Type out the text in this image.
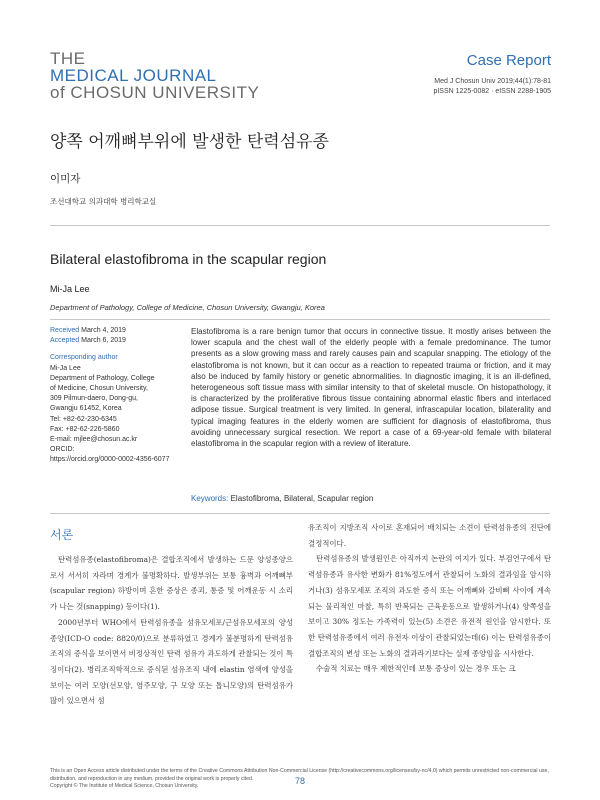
THE
MEDICAL JOURNAL
of CHOSUN UNIVERSITY
Case Report
Med J Chosun Univ 2019;44(1):78-81
pISSN 1225-0082 · eISSN 2288-1905
양쪽 어깨뼈부위에 발생한 탄력섬유종
이미자
조선대학교 의과대학 병리학교실
Bilateral elastofibroma in the scapular region
Mi-Ja Lee
Department of Pathology, College of Medicine, Chosun University, Gwangju, Korea
Received March 4, 2019
Accepted March 6, 2019
Corresponding author
Mi-Ja Lee
Department of Pathology, College
of Medicine, Chosun University,
309 Pilmun-daero, Dong-gu,
Gwangju 61452, Korea
Tel: +82-62-230-6345
Fax: +82-62-226-5860
E-mail: mjlee@chosun.ac.kr
ORCID:
https://orcid.org/0000-0002-4356-6077
Elastofibroma is a rare benign tumor that occurs in connective tissue. It mostly arises between the lower scapula and the chest wall of the elderly people with a female predominance. The tumor presents as a slow growing mass and rarely causes pain and scapular snapping. The etiology of the elastofibroma is not known, but it can occur as a reaction to repeated trauma or friction, and it may also be induced by family history or genetic abnormalities. In diagnostic imaging, it is an ill-defined, heterogeneous soft tissue mass with similar intensity to that of skeletal muscle. On histopathology, it is characterized by the proliferative fibrous tissue containing abnormal elastic fibers and interlaced adipose tissue. Surgical treatment is very limited. In general, infrascapular location, bilaterality and typical imaging features in the elderly women are sufficient for diagnosis of elastofibroma, thus avoiding unnecessary surgical resection. We report a case of a 69-year-old female with bilateral elastofibroma in the scapular region with a review of literature.
Keywords: Elastofibroma, Bilateral, Scapular region
서론

탄력섬유종(elastofibroma)은 결합조직에서 발생하는 드문 양성종양으로서 서서히 자라며 경계가 불명확하다. 발생부위는 보통 흉벽과 어깨뼈부(scapular region) 하방이며 흔한 증상은 종괴, 통증 및 어깨운동 시 소리가 나는 것(snapping) 등이다(1).

2000년부터 WHO에서 탄력섬유종을 섬유모세포/근섬유모세포의 양성종양(ICD-O code: 8820/0)으로 분류하였고 경계가 불분명하게 탄력섬유조직의 증식을 보이면서 비정상적인 탄력 섬유가 과도하게 관찰되는 것이 특징이다(2). 병리조직학적으로 증식된 섬유조직 내에 elastin 염색에 양성을 보이는 여러 모양(선모양, 염주모양, 구 모양 또는 톱니모양)의 탄력섬유가 많이 있으면서 섬

유조직이 지방조직 사이로 혼재되어 배치되는 소견이 탄력섬유종의 진단에 결정적이다.

탄력섬유종의 발생원인은 아직까지 논란의 여지가 있다. 부검연구에서 탄력섬유종과 유사한 변화가 81%정도에서 관찰되어 노화의 결과임을 암시하거나(3) 섬유모세포 조직의 과도한 증식 또는 어깨뼈와 갈비뼈 사이에 계속되는 물리적인 마찰, 특히 반복되는 근육운동으로 발생하거나(4) 양쪽성을 보이고 30% 정도는 가족력이 있는(5) 소견은 유전적 원인을 암시한다. 또한 탄력섬유종에서 여러 유전자 이상이 관찰되었는데(6) 이는 탄력섬유종이 결합조직의 변성 또는 노화의 결과라기보다는 실제 종양임을 시사한다.

수술적 치료는 매우 제한적인데 보통 증상이 있는 경우 또는 크

This is an Open Access article distributed under the terms of the Creative Commons Attribution Non-Commercial License (http://creativecommons.org/licenses/by-nc/4.0) which permits unrestricted non-commercial use, distribution, and reproduction in any medium, provided the original work is properly cited.
Copyright © The Institute of Medical Science, Chosun University.	78
